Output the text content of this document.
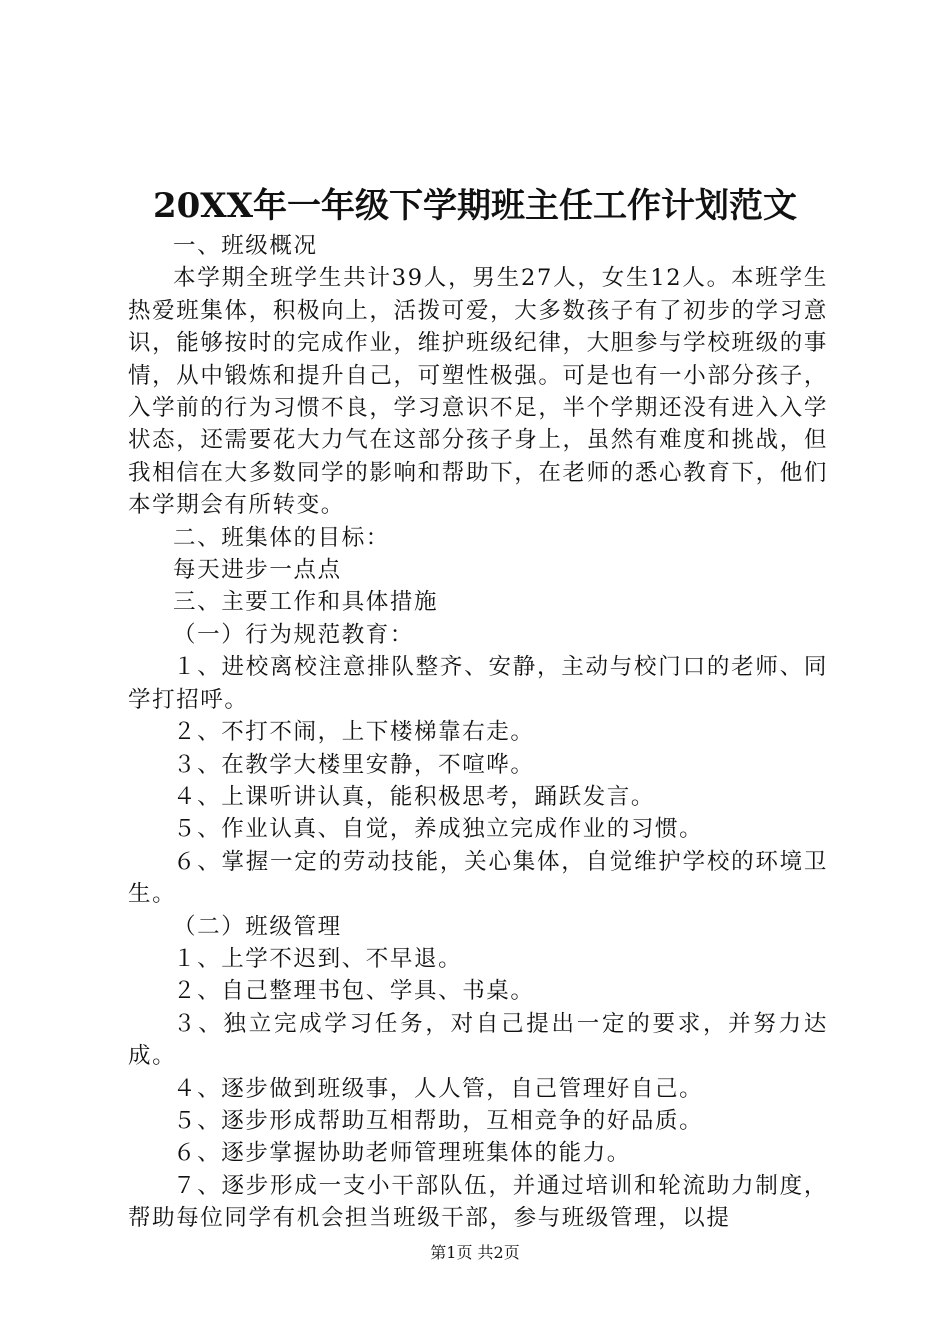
20XX年一年级下学期班主任工作计划范文

一、班级概况

本学期全班学生共计39人，男生27人，女生12人。本班学生热爱班集体，积极向上，活拨可爱，大多数孩子有了初步的学习意识，能够按时的完成作业，维护班级纪律，大胆参与学校班级的事情，从中锻炼和提升自己，可塑性极强。可是也有一小部分孩子，入学前的行为习惯不良，学习意识不足，半个学期还没有进入入学状态，还需要花大力气在这部分孩子身上，虽然有难度和挑战，但我相信在大多数同学的影响和帮助下，在老师的悉心教育下，他们本学期会有所转变。

二、班集体的目标：

每天进步一点点

三、主要工作和具体措施

（一）行为规范教育：

１、进校离校注意排队整齐、安静，主动与校门口的老师、同学打招呼。

２、不打不闹，上下楼梯靠右走。

３、在教学大楼里安静，不喧哗。

４、上课听讲认真，能积极思考，踊跃发言。

５、作业认真、自觉，养成独立完成作业的习惯。

６、掌握一定的劳动技能，关心集体，自觉维护学校的环境卫生。

（二）班级管理

１、上学不迟到、不早退。

２、自己整理书包、学具、书桌。

３、独立完成学习任务，对自己提出一定的要求，并努力达成。

４、逐步做到班级事，人人管，自己管理好自己。

５、逐步形成帮助互相帮助，互相竞争的好品质。

６、逐步掌握协助老师管理班集体的能力。

７、逐步形成一支小干部队伍，并通过培训和轮流助力制度，帮助每位同学有机会担当班级干部，参与班级管理，以提

第1页 共2页
